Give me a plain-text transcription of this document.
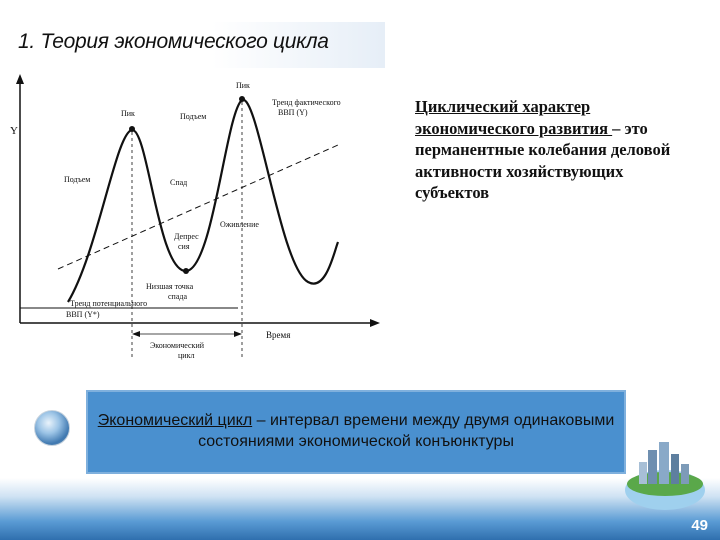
1. Теория экономического цикла
Y
Время
Пик
Пик
Подъем
Подъем
Спад
Депрес
сия
Оживление
Низшая точка
спада
Тренд фактического
ВВП (Y)
Тренд потенциального
ВВП (Y*)
Экономический
цикл
Циклический характер экономического развития – это перманентные колебания деловой активности хозяйствующих субъектов
Экономический цикл – интервал времени между двумя одинаковыми состояниями экономической конъюнктуры
49
